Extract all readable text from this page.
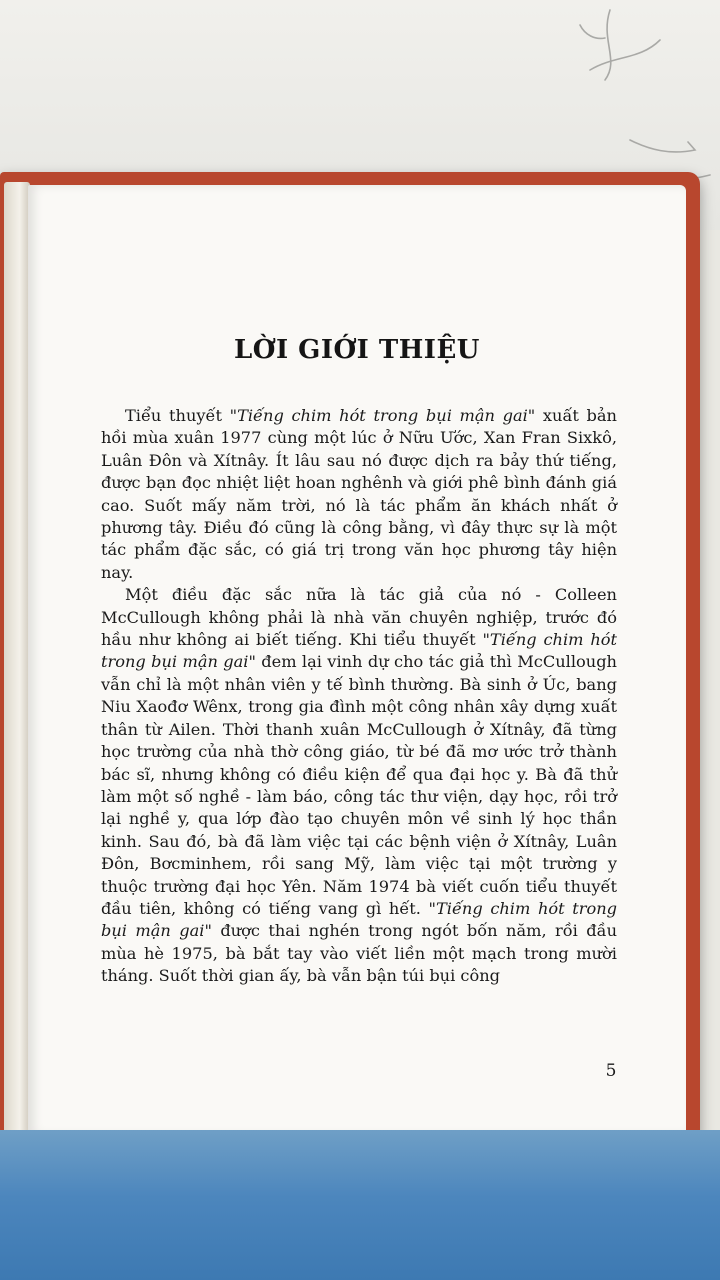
LỜI GIỚI THIỆU

Tiểu thuyết "Tiếng chim hót trong bụi mận gai" xuất bản hồi mùa xuân 1977 cùng một lúc ở Nữu Ước, Xan Fran Sixkô, Luân Đôn và Xítnây. Ít lâu sau nó được dịch ra bảy thứ tiếng, được bạn đọc nhiệt liệt hoan nghênh và giới phê bình đánh giá cao. Suốt mấy năm trời, nó là tác phẩm ăn khách nhất ở phương tây. Điều đó cũng là công bằng, vì đây thực sự là một tác phẩm đặc sắc, có giá trị trong văn học phương tây hiện nay.

Một điều đặc sắc nữa là tác giả của nó - Colleen McCullough không phải là nhà văn chuyên nghiệp, trước đó hầu như không ai biết tiếng. Khi tiểu thuyết "Tiếng chim hót trong bụi mận gai" đem lại vinh dự cho tác giả thì McCullough vẫn chỉ là một nhân viên y tế bình thường. Bà sinh ở Úc, bang Niu Xaođơ Wênx, trong gia đình một công nhân xây dựng xuất thân từ Ailen. Thời thanh xuân McCullough ở Xítnây, đã từng học trường của nhà thờ công giáo, từ bé đã mơ ước trở thành bác sĩ, nhưng không có điều kiện để qua đại học y. Bà đã thử làm một số nghề - làm báo, công tác thư viện, dạy học, rồi trở lại nghề y, qua lớp đào tạo chuyên môn về sinh lý học thần kinh. Sau đó, bà đã làm việc tại các bệnh viện ở Xítnây, Luân Đôn, Bơcminhem, rồi sang Mỹ, làm việc tại một trường y thuộc trường đại học Yên. Năm 1974 bà viết cuốn tiểu thuyết đầu tiên, không có tiếng vang gì hết. "Tiếng chim hót trong bụi mận gai" được thai nghén trong ngót bốn năm, rồi đầu mùa hè 1975, bà bắt tay vào viết liền một mạch trong mười tháng. Suốt thời gian ấy, bà vẫn bận túi bụi công

5
